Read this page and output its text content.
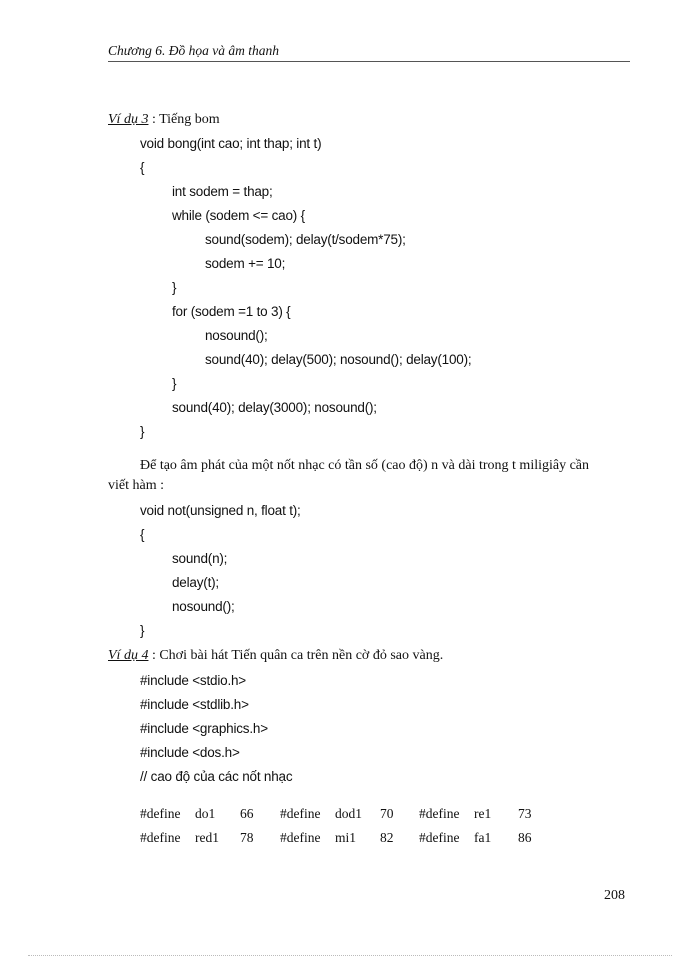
Chương 6. Đồ họa và âm thanh
Ví dụ 3 : Tiếng bom
void bong(int cao; int thap; int t)
{
int sodem = thap;
while (sodem <= cao) {
sound(sodem); delay(t/sodem*75);
sodem += 10;
}
for (sodem =1 to 3) {
nosound();
sound(40); delay(500); nosound(); delay(100);
}
sound(40); delay(3000); nosound();
}
Để tạo âm phát của một nốt nhạc có tần số (cao độ) n và dài trong t miligiây cần
viết hàm :
void not(unsigned n, float t);
{
sound(n);
delay(t);
nosound();
}
Ví dụ 4 : Chơi bài hát Tiến quân ca trên nền cờ đỏ sao vàng.
#include <stdio.h>
#include <stdlib.h>
#include <graphics.h>
#include <dos.h>
// cao độ của các nốt nhạc
#define do1 66 #define dod1 70 #define re1 73
#define red1 78 #define mi1 82 #define fa1 86
208
